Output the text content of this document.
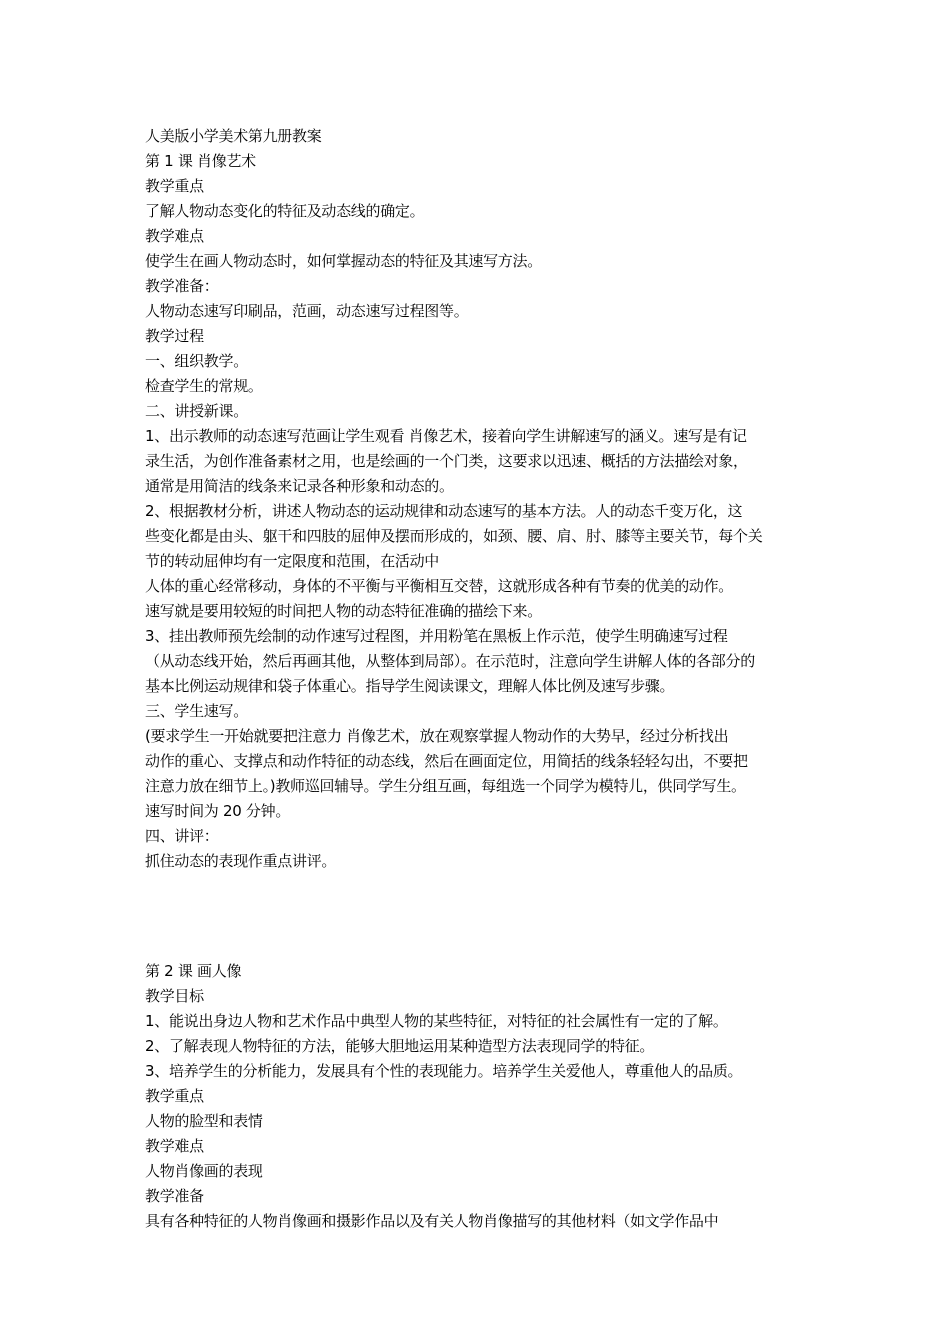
人美版小学美术第九册教案
第 1 课 肖像艺术
教学重点
了解人物动态变化的特征及动态线的确定。
教学难点
使学生在画人物动态时，如何掌握动态的特征及其速写方法。
教学准备：
人物动态速写印刷品，范画，动态速写过程图等。
教学过程
一、组织教学。
检查学生的常规。
二、讲授新课。
1、出示教师的动态速写范画让学生观看 肖像艺术，接着向学生讲解速写的涵义。速写是有记
录生活，为创作准备素材之用，也是绘画的一个门类，这要求以迅速、概括的方法描绘对象，
通常是用简洁的线条来记录各种形象和动态的。
2、根据教材分析，讲述人物动态的运动规律和动态速写的基本方法。人的动态千变万化，这
些变化都是由头、躯干和四肢的屈伸及摆而形成的，如颈、腰、肩、肘、膝等主要关节，每个关
节的转动屈伸均有一定限度和范围，在活动中
人体的重心经常移动，身体的不平衡与平衡相互交替，这就形成各种有节奏的优美的动作。
速写就是要用较短的时间把人物的动态特征准确的描绘下来。
3、挂出教师预先绘制的动作速写过程图，并用粉笔在黑板上作示范，使学生明确速写过程
（从动态线开始，然后再画其他，从整体到局部）。在示范时，注意向学生讲解人体的各部分的
基本比例运动规律和袋子体重心。指导学生阅读课文，理解人体比例及速写步骤。
三、学生速写。
(要求学生一开始就要把注意力 肖像艺术，放在观察掌握人物动作的大势早，经过分析找出
动作的重心、支撑点和动作特征的动态线，然后在画面定位，用简括的线条轻轻勾出，不要把
注意力放在细节上。)教师巡回辅导。学生分组互画，每组选一个同学为模特儿，供同学写生。
速写时间为 20 分钟。
四、讲评：
抓住动态的表现作重点讲评。
第 2 课 画人像
教学目标
1、能说出身边人物和艺术作品中典型人物的某些特征，对特征的社会属性有一定的了解。
2、了解表现人物特征的方法，能够大胆地运用某种造型方法表现同学的特征。
3、培养学生的分析能力，发展具有个性的表现能力。培养学生关爱他人，尊重他人的品质。
教学重点
人物的脸型和表情
教学难点
人物肖像画的表现
教学准备
具有各种特征的人物肖像画和摄影作品以及有关人物肖像描写的其他材料（如文学作品中
